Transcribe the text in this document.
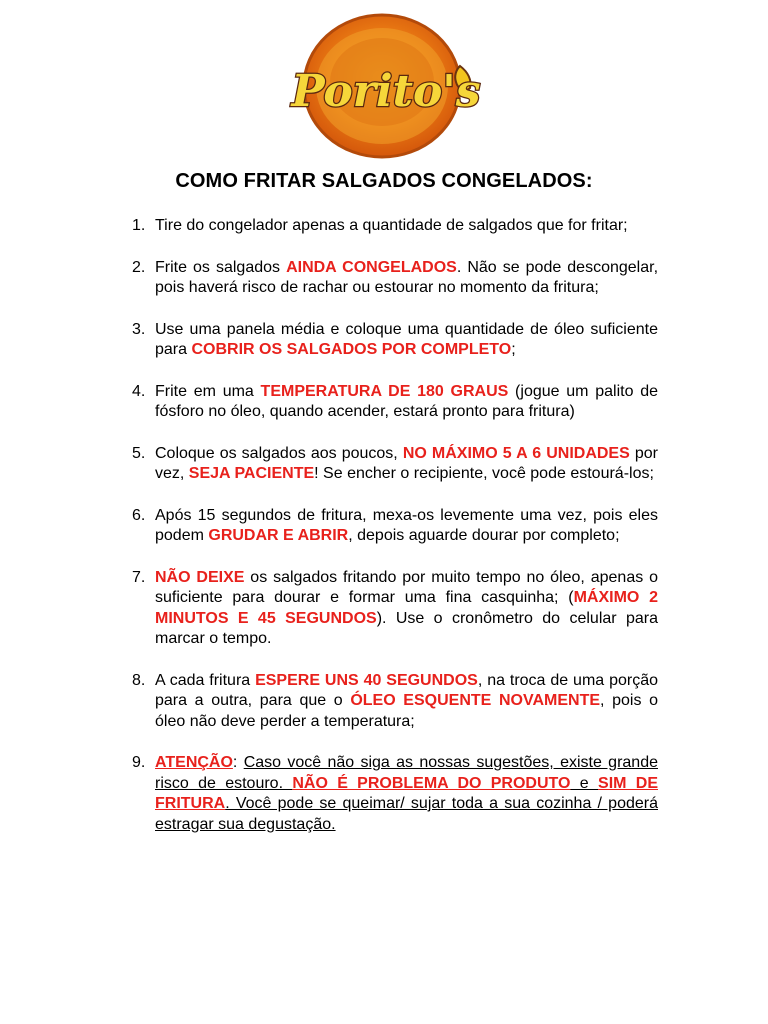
Porito's
COMO FRITAR SALGADOS CONGELADOS:
1. Tire do congelador apenas a quantidade de salgados que for fritar;
2. Frite os salgados AINDA CONGELADOS. Não se pode descongelar, pois haverá risco de rachar ou estourar no momento da fritura;
3. Use uma panela média e coloque uma quantidade de óleo suficiente para COBRIR OS SALGADOS POR COMPLETO;
4. Frite em uma TEMPERATURA DE 180 GRAUS (jogue um palito de fósforo no óleo, quando acender, estará pronto para fritura)
5. Coloque os salgados aos poucos, NO MÁXIMO 5 A 6 UNIDADES por vez, SEJA PACIENTE! Se encher o recipiente, você pode estourá-los;
6. Após 15 segundos de fritura, mexa-os levemente uma vez, pois eles podem GRUDAR E ABRIR, depois aguarde dourar por completo;
7. NÃO DEIXE os salgados fritando por muito tempo no óleo, apenas o suficiente para dourar e formar uma fina casquinha; (MÁXIMO 2 MINUTOS E 45 SEGUNDOS). Use o cronômetro do celular para marcar o tempo.
8. A cada fritura ESPERE UNS 40 SEGUNDOS, na troca de uma porção para a outra, para que o ÓLEO ESQUENTE NOVAMENTE, pois o óleo não deve perder a temperatura;
9. ATENÇÃO: Caso você não siga as nossas sugestões, existe grande risco de estouro. NÃO É PROBLEMA DO PRODUTO e SIM DE FRITURA. Você pode se queimar/ sujar toda a sua cozinha / poderá estragar sua degustação.
